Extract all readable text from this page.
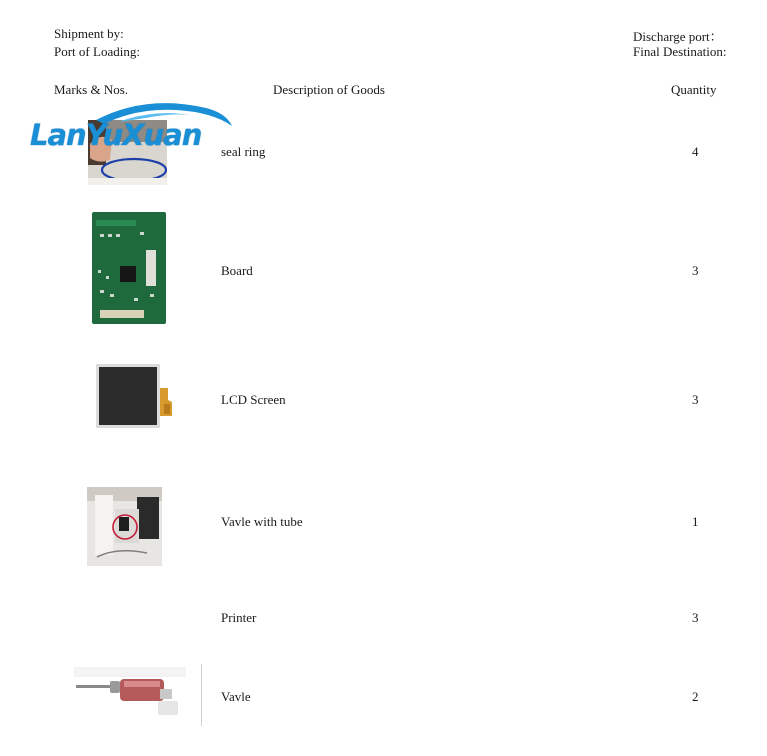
Shipment by:
Port of Loading:
Discharge port：
Final Destination:
Marks & Nos.	Description of Goods	Quantity
seal ring	4
LanYuXuan
Board	3
LCD Screen	3
Vavle with tube	1
Printer	3
Vavle	2
